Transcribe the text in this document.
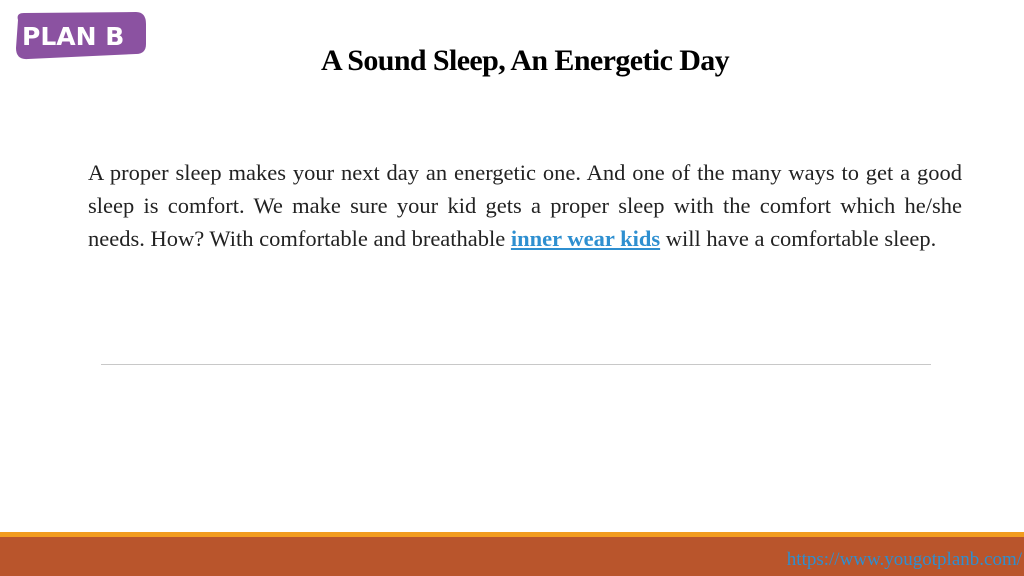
PLAN B
A Sound Sleep, An Energetic Day

A proper sleep makes your next day an energetic one. And one of the many ways to get a good sleep is comfort. We make sure your kid gets a proper sleep with the comfort which he/she needs. How? With comfortable and breathable inner wear kids will have a comfortable sleep.

https://www.yougotplanb.com/
